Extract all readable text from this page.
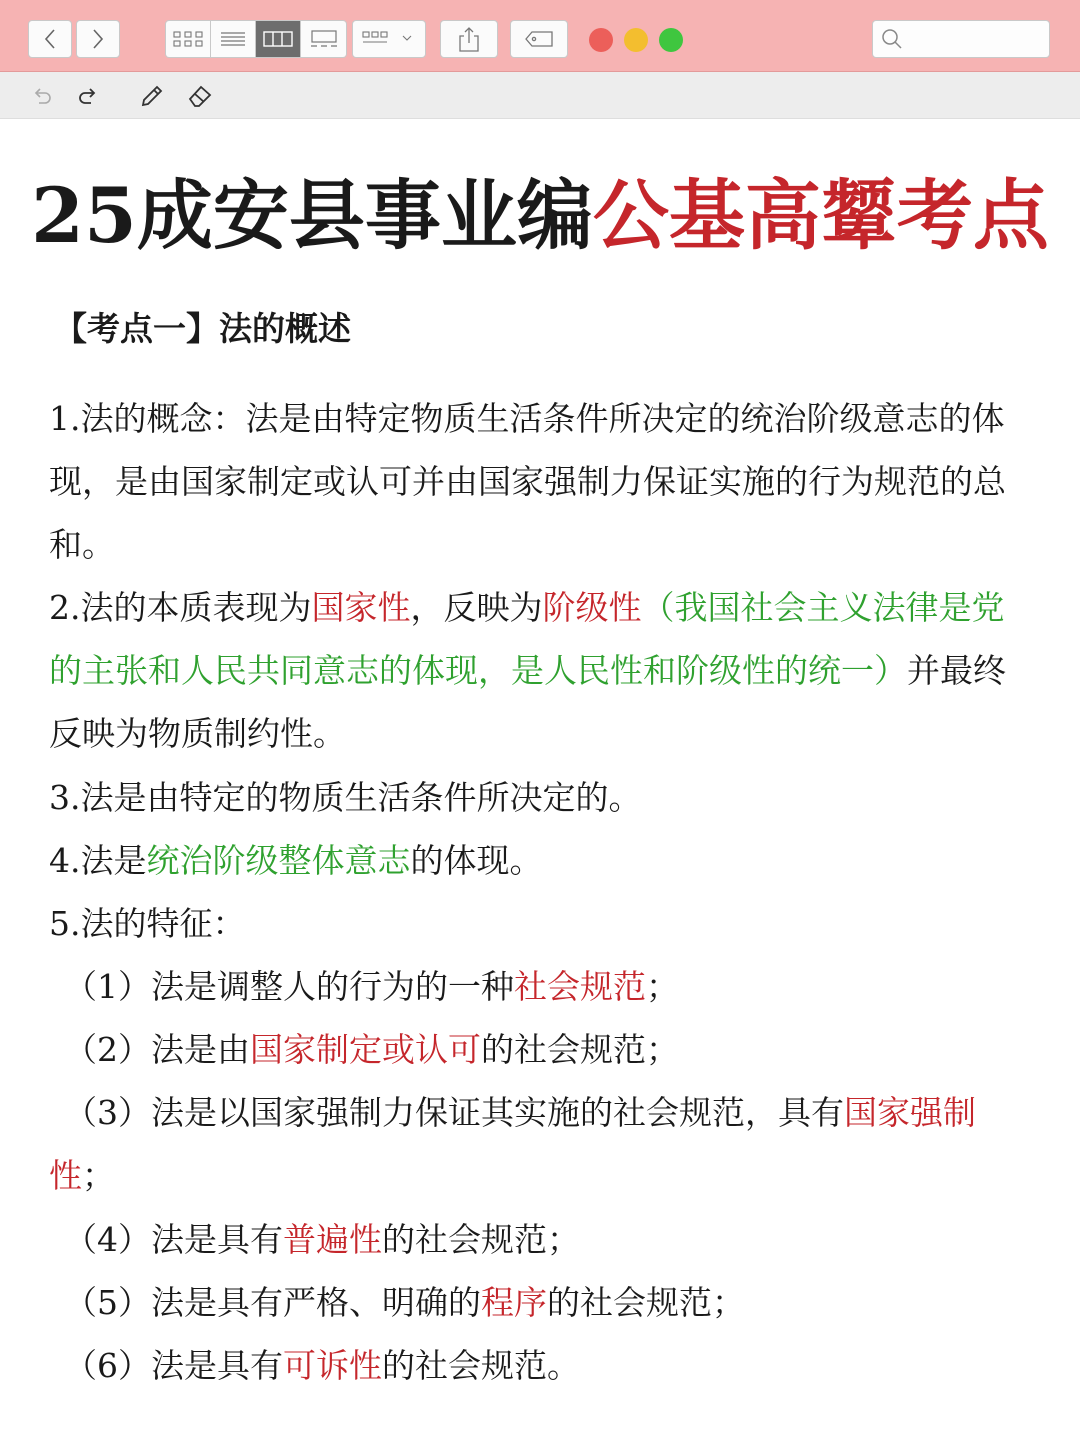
25成安县事业编公基高颦考点
【考点一】法的概述
1.法的概念：法是由特定物质生活条件所决定的统治阶级意志的体现，是由国家制定或认可并由国家强制力保证实施的行为规范的总和。
2.法的本质表现为国家性，反映为阶级性（我国社会主义法律是党的主张和人民共同意志的体现，是人民性和阶级性的统一）并最终反映为物质制约性。
3.法是由特定的物质生活条件所决定的。
4.法是统治阶级整体意志的体现。
5.法的特征：
（1）法是调整人的行为的一种社会规范；
（2）法是由国家制定或认可的社会规范；
（3）法是以国家强制力保证其实施的社会规范，具有国家强制性；
（4）法是具有普遍性的社会规范；
（5）法是具有严格、明确的程序的社会规范；
（6）法是具有可诉性的社会规范。
